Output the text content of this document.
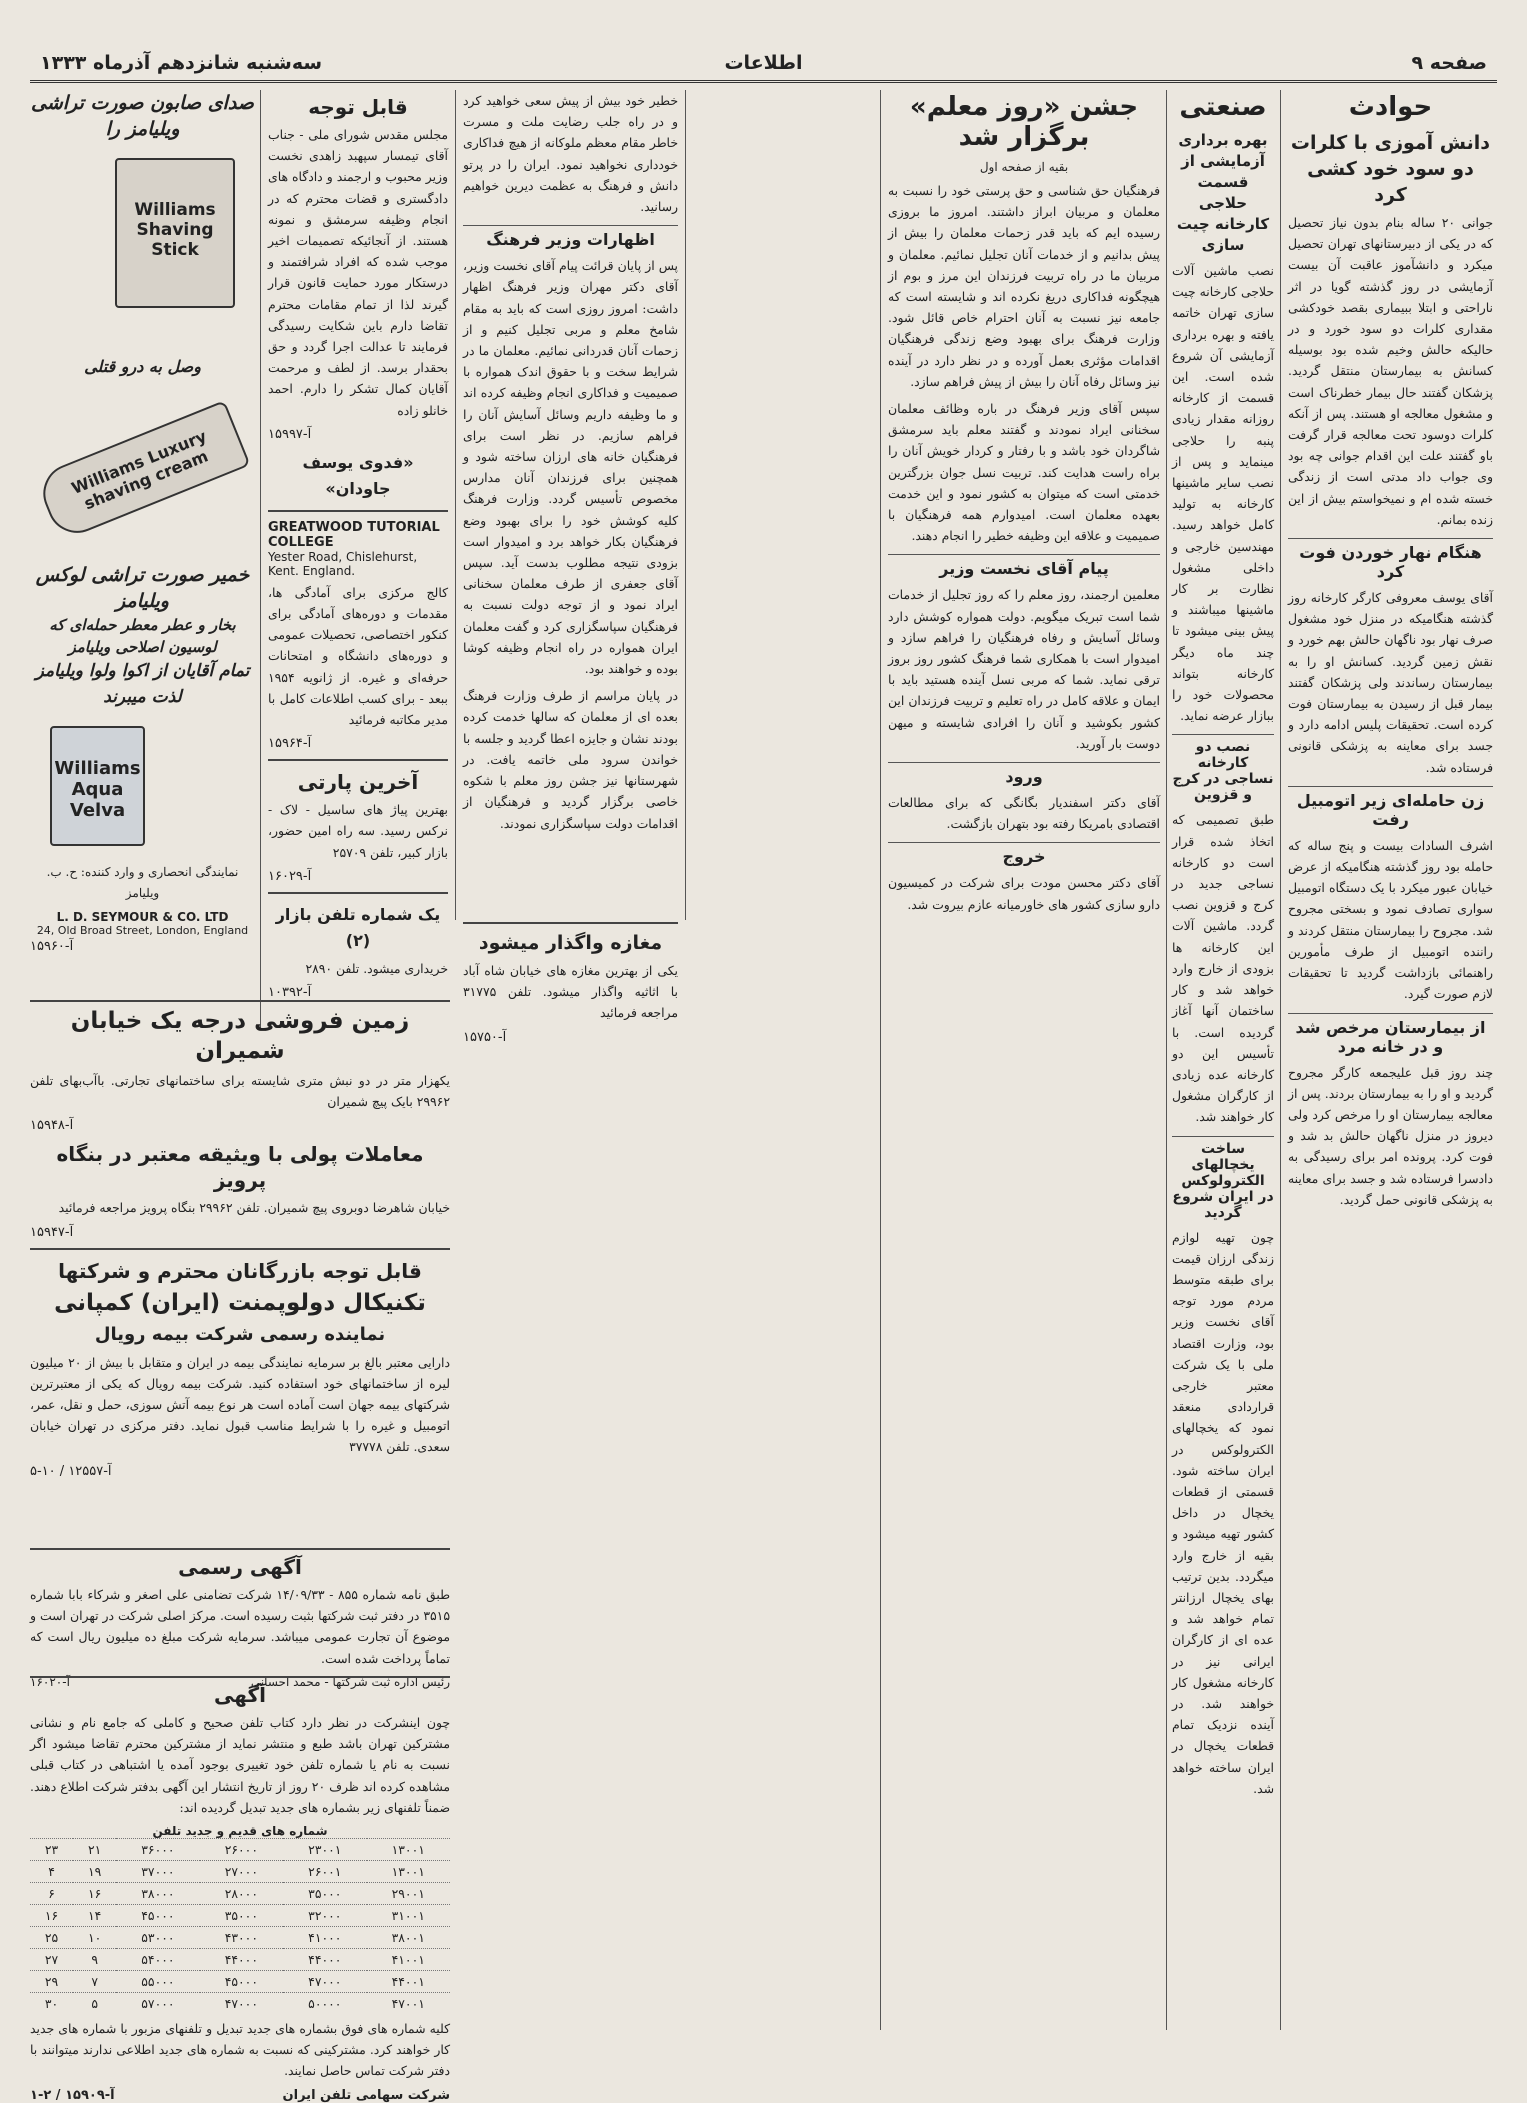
صفحه ۹
اطلاعات
سه‌شنبه شانزدهم آذرماه ۱۳۳۳
حوادث
دانش آموزی با کلرات دو سود خود کشی کرد

جوانی ۲۰ ساله بنام بدون نیاز تحصیل که در یکی از دبیرستانهای تهران تحصیل میکرد و دانشآموز عاقبت آن بیست آزمایشی در روز گذشته گویا در اثر ناراحتی و ابتلا ببیماری بقصد خودکشی مقداری کلرات دو سود خورد و در حالیکه حالش وخیم شده بود بوسیله کسانش به بیمارستان منتقل گردید. پزشکان گفتند حال بیمار خطرناک است و مشغول معالجه او هستند. پس از آنکه کلرات دوسود تحت معالجه قرار گرفت باو گفتند علت این اقدام جوانی چه بود وی جواب داد مدتی است از زندگی خسته شده ام و نمیخواستم بیش از این زنده بمانم.

هنگام نهار خوردن فوت کرد

آقای یوسف معروفی کارگر کارخانه روز گذشته هنگامیکه در منزل خود مشغول صرف نهار بود ناگهان حالش بهم خورد و نقش زمین گردید. کسانش او را به بیمارستان رساندند ولی پزشکان گفتند بیمار قبل از رسیدن به بیمارستان فوت کرده است. تحقیقات پلیس ادامه دارد و جسد برای معاینه به پزشکی قانونی فرستاده شد.

زن حامله‌ای زیر اتومبیل رفت

اشرف السادات بیست و پنج ساله که حامله بود روز گذشته هنگامیکه از عرض خیابان عبور میکرد با یک دستگاه اتومبیل سواری تصادف نمود و بسختی مجروح شد. مجروح را بیمارستان منتقل کردند و راننده اتومبیل از طرف مأمورین راهنمائی بازداشت گردید تا تحقیقات لازم صورت گیرد.

از بیمارستان مرخص شد و در خانه مرد

چند روز قبل علیجمعه کارگر مجروح گردید و او را به بیمارستان بردند. پس از معالجه بیمارستان او را مرخص کرد ولی دیروز در منزل ناگهان حالش بد شد و فوت کرد. پرونده امر برای رسیدگی به دادسرا فرستاده شد و جسد برای معاینه به پزشکی قانونی حمل گردید.

صنعتی
بهره برداری آزمایشی از قسمت حلاجی کارخانه چیت سازی

نصب ماشین آلات حلاجی کارخانه چیت سازی تهران خاتمه یافته و بهره برداری آزمایشی آن شروع شده است. این قسمت از کارخانه روزانه مقدار زیادی پنبه را حلاجی مینماید و پس از نصب سایر ماشینها کارخانه به تولید کامل خواهد رسید. مهندسین خارجی و داخلی مشغول نظارت بر کار ماشینها میباشند و پیش بینی میشود تا چند ماه دیگر کارخانه بتواند محصولات خود را ببازار عرضه نماید.

نصب دو کارخانه نساجی در کرج و قزوین

طبق تصمیمی که اتخاذ شده قرار است دو کارخانه نساجی جدید در کرج و قزوین نصب گردد. ماشین آلات این کارخانه ها بزودی از خارج وارد خواهد شد و کار ساختمان آنها آغاز گردیده است. با تأسیس این دو کارخانه عده زیادی از کارگران مشغول کار خواهند شد.

ساخت یخچالهای الکترولوکس در ایران شروع گردید

چون تهیه لوازم زندگی ارزان قیمت برای طبقه متوسط مردم مورد توجه آقای نخست وزیر بود، وزارت اقتصاد ملی با یک شرکت معتبر خارجی قراردادی منعقد نمود که یخچالهای الکترولوکس در ایران ساخته شود. قسمتی از قطعات یخچال در داخل کشور تهیه میشود و بقیه از خارج وارد میگردد. بدین ترتیب بهای یخچال ارزانتر تمام خواهد شد و عده ای از کارگران ایرانی نیز در کارخانه مشغول کار خواهند شد. در آینده نزدیک تمام قطعات یخچال در ایران ساخته خواهد شد.

جشن «روز معلم» برگزار شد
بقیه از صفحه اول

فرهنگیان حق شناسی و حق پرستی خود را نسبت به معلمان و مربیان ابراز داشتند. امروز ما بروزی رسیده ایم که باید قدر زحمات معلمان را بیش از پیش بدانیم و از خدمات آنان تجلیل نمائیم. معلمان و مربیان ما در راه تربیت فرزندان این مرز و بوم از هیچگونه فداکاری دریغ نکرده اند و شایسته است که جامعه نیز نسبت به آنان احترام خاص قائل شود. وزارت فرهنگ برای بهبود وضع زندگی فرهنگیان اقدامات مؤثری بعمل آورده و در نظر دارد در آینده نیز وسائل رفاه آنان را بیش از پیش فراهم سازد.

سپس آقای وزیر فرهنگ در باره وظائف معلمان سخنانی ایراد نمودند و گفتند معلم باید سرمشق شاگردان خود باشد و با رفتار و کردار خویش آنان را براه راست هدایت کند. تربیت نسل جوان بزرگترین خدمتی است که میتوان به کشور نمود و این خدمت بعهده معلمان است. امیدوارم همه فرهنگیان با صمیمیت و علاقه این وظیفه خطیر را انجام دهند.

پیام آقای نخست وزیر

معلمین ارجمند، روز معلم را که روز تجلیل از خدمات شما است تبریک میگویم. دولت همواره کوشش دارد وسائل آسایش و رفاه فرهنگیان را فراهم سازد و امیدوار است با همکاری شما فرهنگ کشور روز بروز ترقی نماید. شما که مربی نسل آینده هستید باید با ایمان و علاقه کامل در راه تعلیم و تربیت فرزندان این کشور بکوشید و آنان را افرادی شایسته و میهن دوست بار آورید.

ورود

آقای دکتر اسفندیار بگانگی که برای مطالعات اقتصادی بامریکا رفته بود بتهران بازگشت.

خروج

آقای دکتر محسن مودت برای شرکت در کمیسیون دارو سازی کشور های خاورمیانه عازم بیروت شد.

خطیر خود بیش از پیش سعی خواهید کرد و در راه جلب رضایت ملت و مسرت خاطر مقام معظم ملوکانه از هیچ فداکاری خودداری نخواهید نمود. ایران را در پرتو دانش و فرهنگ به عظمت دیرین خواهیم رسانید.

اظهارات وزیر فرهنگ

پس از پایان قرائت پیام آقای نخست وزیر، آقای دکتر مهران وزیر فرهنگ اظهار داشت: امروز روزی است که باید به مقام شامخ معلم و مربی تجلیل کنیم و از زحمات آنان قدردانی نمائیم. معلمان ما در شرایط سخت و با حقوق اندک همواره با صمیمیت و فداکاری انجام وظیفه کرده اند و ما وظیفه داریم وسائل آسایش آنان را فراهم سازیم. در نظر است برای فرهنگیان خانه های ارزان ساخته شود و همچنین برای فرزندان آنان مدارس مخصوص تأسیس گردد. وزارت فرهنگ کلیه کوشش خود را برای بهبود وضع فرهنگیان بکار خواهد برد و امیدوار است بزودی نتیجه مطلوب بدست آید. سپس آقای جعفری از طرف معلمان سخنانی ایراد نمود و از توجه دولت نسبت به فرهنگیان سپاسگزاری کرد و گفت معلمان ایران همواره در راه انجام وظیفه کوشا بوده و خواهند بود.

در پایان مراسم از طرف وزارت فرهنگ بعده ای از معلمان که سالها خدمت کرده بودند نشان و جایزه اعطا گردید و جلسه با خواندن سرود ملی خاتمه یافت. در شهرستانها نیز جشن روز معلم با شکوه خاصی برگزار گردید و فرهنگیان از اقدامات دولت سپاسگزاری نمودند.

مغازه واگذار میشود

یکی از بهترین مغازه های خیابان شاه آباد با اثاثیه واگذار میشود. تلفن ۳۱۷۷۵ مراجعه فرمائید

آ-۱۵۷۵۰
قابل توجه

مجلس مقدس شورای ملی - جناب آقای تیمسار سپهبد زاهدی نخست وزیر محبوب و ارجمند و دادگاه های دادگستری و قضات محترم که در انجام وظیفه سرمشق و نمونه هستند. از آنجائیکه تصمیمات اخیر موجب شده که افراد شرافتمند و درستکار مورد حمایت قانون قرار گیرند لذا از تمام مقامات محترم تقاضا دارم باین شکایت رسیدگی فرمایند تا عدالت اجرا گردد و حق بحقدار برسد. از لطف و مرحمت آقایان کمال تشکر را دارم. احمد خانلو زاده

آ-۱۵۹۹۷
«فدوی یوسف جاودان»
GREATWOOD TUTORIAL COLLEGE
Yester Road, Chislehurst, Kent. England.

کالج مرکزی برای آمادگی ها، مقدمات و دوره‌های آمادگی برای کنکور اختصاصی، تحصیلات عمومی و دوره‌های دانشگاه و امتحانات حرفه‌ای و غیره. از ژانویه ۱۹۵۴ ببعد - برای کسب اطلاعات کامل با مدیر مکاتبه فرمائید

آ-۱۵۹۶۴
آخرین پارتی

بهترین پیاژ های ساسیل - لاک - نرکس رسید. سه راه امین حضور، بازار کبیر، تلفن ۲۵۷۰۹

آ-۱۶۰۲۹
یک شماره تلفن بازار (۲)

خریداری میشود. تلفن ۲۸۹۰

آ-۱۰۳۹۲
صدای صابون صورت تراشی ویلیامز را
Williams Shaving Stick
وصل به درو قتلی
Williams Luxury shaving cream
خمیر صورت تراشی لوکس ویلیامز
بخار و عطر معطر حمله‌ای که لوسیون اصلاحی ویلیامز
تمام آقایان از اکوا ولوا ویلیامز لذت میبرند
Williams Aqua Velva

نمایندگی انحصاری و وارد کننده: ح. ب. ویلیامز

L. D. SEYMOUR & CO. LTD
24, Old Broad Street, London, England
آ-۱۵۹۶۰
زمین فروشی درجه یک خیابان شمیران

یکهزار متر در دو نبش متری شایسته برای ساختمانهای تجارتی. باآب‌بهای تلفن ۲۹۹۶۲ بایک پیچ شمیران

آ-۱۵۹۴۸
معاملات پولی با ویثیقه معتبر در بنگاه پرویز

خیابان شاهرضا دوبروی پیچ شمیران. تلفن ۲۹۹۶۲ بنگاه پرویز مراجعه فرمائید

آ-۱۵۹۴۷
قابل توجه بازرگانان محترم و شرکتها
تکنیکال دولوپمنت (ایران) کمپانی
نماینده رسمی شرکت بیمه رویال

دارایی معتبر بالغ بر سرمایه نمایندگی بیمه در ایران و متقابل با بیش از ۲۰ میلیون لیره از ساختمانهای خود استفاده کنید. شرکت بیمه رویال که یکی از معتبرترین شرکتهای بیمه جهان است آماده است هر نوع بیمه آتش سوزی، حمل و نقل، عمر، اتومبیل و غیره را با شرایط مناسب قبول نماید. دفتر مرکزی در تهران خیابان سعدی. تلفن ۳۷۷۷۸

آ-۱۲۵۵۷ / ۱۰-۵
آگهی رسمی

طبق نامه شماره ۸۵۵ - ۱۴/۰۹/۳۳ شرکت تضامنی علی اصغر و شرکاء بابا شماره ۳۵۱۵ در دفتر ثبت شرکتها بثبت رسیده است. مرکز اصلی شرکت در تهران است و موضوع آن تجارت عمومی میباشد. سرمایه شرکت مبلغ ده میلیون ریال است که تماماً پرداخت شده است.

رئیس اداره ثبت شرکتها - محمد احسانی
آ-۱۶۰۲۰
آگهی

چون اینشرکت در نظر دارد کتاب تلفن صحیح و کاملی که جامع نام و نشانی مشترکین تهران باشد طبع و منتشر نماید از مشترکین محترم تقاضا میشود اگر نسبت به نام یا شماره تلفن خود تغییری بوجود آمده یا اشتباهی در کتاب قبلی مشاهده کرده اند ظرف ۲۰ روز از تاریخ انتشار این آگهی بدفتر شرکت اطلاع دهند. ضمناً تلفنهای زیر بشماره های جدید تبدیل گردیده اند:

شماره های قدیم و جدید تلفن
۱۳۰۰۱	۲۳۰۰۱	۲۶۰۰۰	۳۶۰۰۰	۲۱	۲۳
۱۳۰۰۱	۲۶۰۰۱	۲۷۰۰۰	۳۷۰۰۰	۱۹	۴
۲۹۰۰۱	۳۵۰۰۰	۲۸۰۰۰	۳۸۰۰۰	۱۶	۶
۳۱۰۰۱	۳۲۰۰۰	۳۵۰۰۰	۴۵۰۰۰	۱۴	۱۶
۳۸۰۰۱	۴۱۰۰۰	۴۳۰۰۰	۵۳۰۰۰	۱۰	۲۵
۴۱۰۰۱	۴۴۰۰۰	۴۴۰۰۰	۵۴۰۰۰	۹	۲۷
۴۴۰۰۱	۴۷۰۰۰	۴۵۰۰۰	۵۵۰۰۰	۷	۲۹
۴۷۰۰۱	۵۰۰۰۰	۴۷۰۰۰	۵۷۰۰۰	۵	۳۰

کلیه شماره های فوق بشماره های جدید تبدیل و تلفنهای مزبور با شماره های جدید کار خواهند کرد. مشترکینی که نسبت به شماره های جدید اطلاعی ندارند میتوانند با دفتر شرکت تماس حاصل نمایند.

شرکت سهامی تلفن ایران
آ-۱۵۹۰۹ / ۲-۱
